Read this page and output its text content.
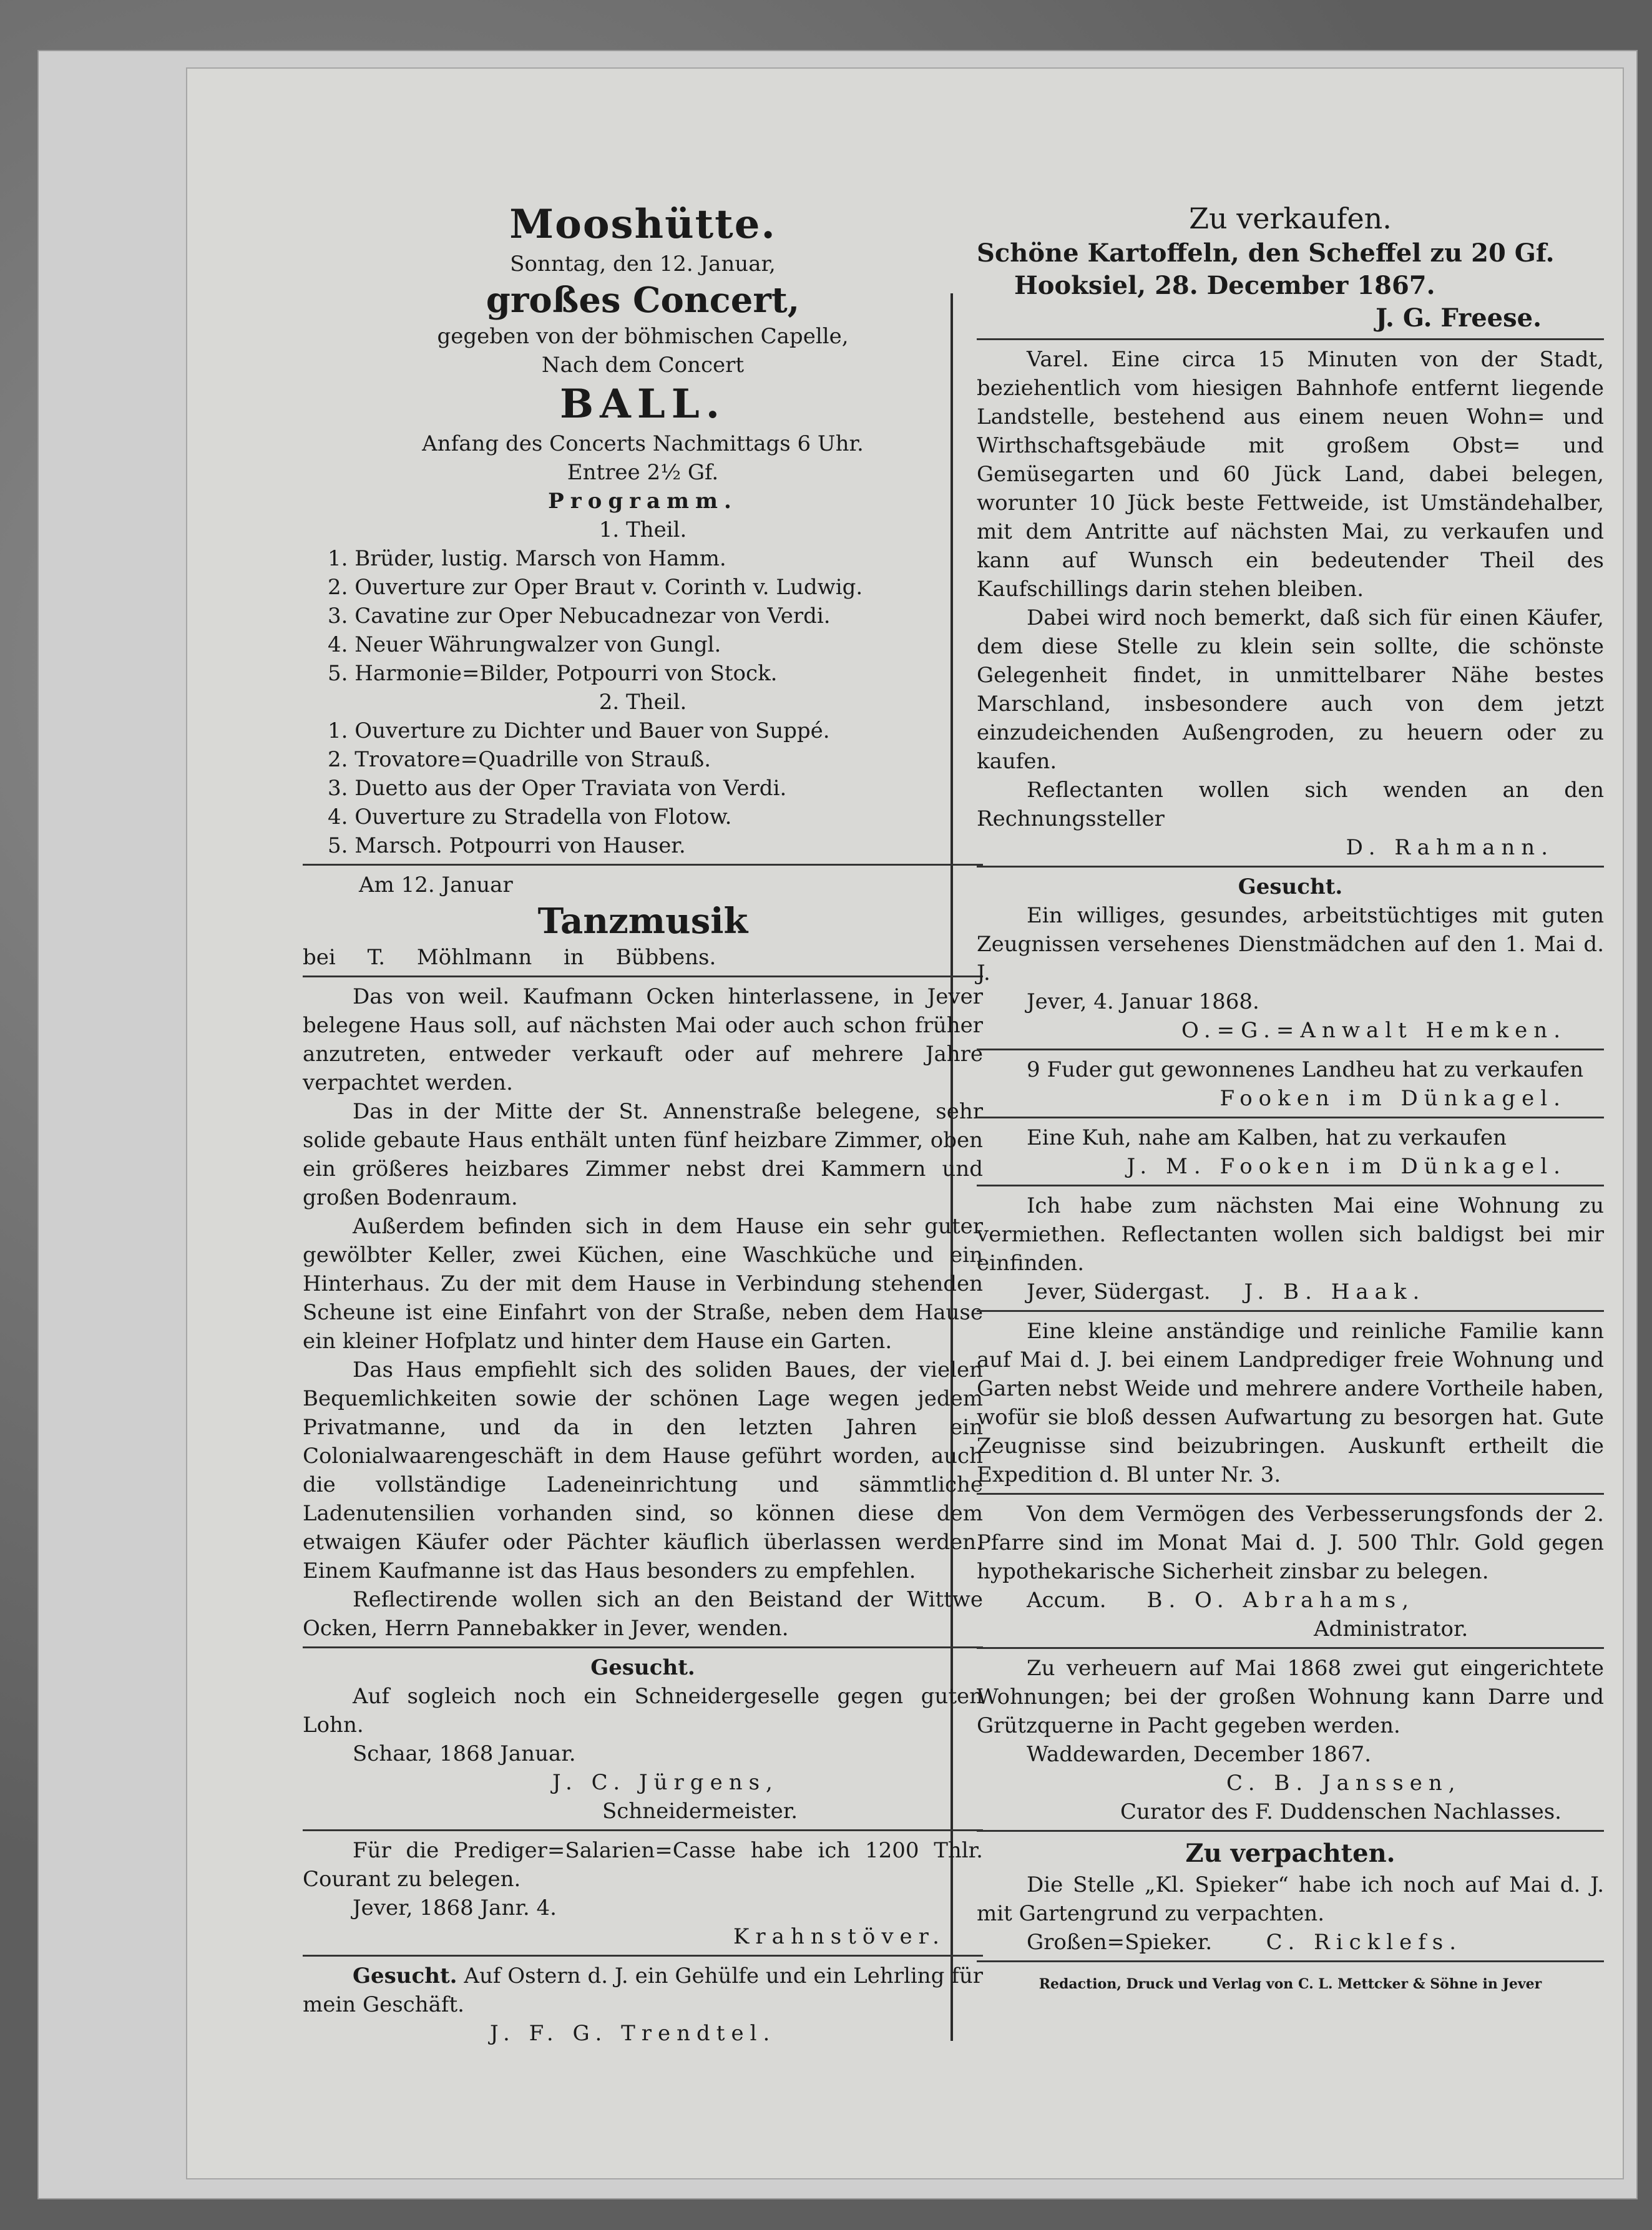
Mooshütte.

Sonntag, den 12. Januar,

großes Concert,

gegeben von der böhmischen Capelle,

Nach dem Concert

BALL.

Anfang des Concerts Nachmittags 6 Uhr.

Entree 2½ Gf.

Programm.

1. Theil.

1. Brüder, lustig. Marsch von Hamm.

2. Ouverture zur Oper Braut v. Corinth v. Ludwig.

3. Cavatine zur Oper Nebucadnezar von Verdi.

4. Neuer Währungwalzer von Gungl.

5. Harmonie=Bilder, Potpourri von Stock.

2. Theil.

1. Ouverture zu Dichter und Bauer von Suppé.

2. Trovatore=Quadrille von Strauß.

3. Duetto aus der Oper Traviata von Verdi.

4. Ouverture zu Stradella von Flotow.

5. Marsch. Potpourri von Hauser.

Am 12. Januar

Tanzmusik

bei T. Möhlmann in Bübbens.

Das von weil. Kaufmann Ocken hinterlassene, in Jever belegene Haus soll, auf nächsten Mai oder auch schon früher anzutreten, entweder verkauft oder auf mehrere Jahre verpachtet werden.

Das in der Mitte der St. Annenstraße belegene, sehr solide gebaute Haus enthält unten fünf heizbare Zimmer, oben ein größeres heizbares Zimmer nebst drei Kammern und großen Bodenraum.

Außerdem befinden sich in dem Hause ein sehr guter gewölbter Keller, zwei Küchen, eine Waschküche und ein Hinterhaus. Zu der mit dem Hause in Verbindung stehenden Scheune ist eine Einfahrt von der Straße, neben dem Hause ein kleiner Hofplatz und hinter dem Hause ein Garten.

Das Haus empfiehlt sich des soliden Baues, der vielen Bequemlichkeiten sowie der schönen Lage wegen jedem Privatmanne, und da in den letzten Jahren ein Colonialwaarengeschäft in dem Hause geführt worden, auch die vollständige Ladeneinrichtung und sämmtliche Ladenutensilien vorhanden sind, so können diese dem etwaigen Käufer oder Pächter käuflich überlassen werden. Einem Kaufmanne ist das Haus besonders zu empfehlen.

Reflectirende wollen sich an den Beistand der Wittwe Ocken, Herrn Pannebakker in Jever, wenden.

Gesucht.

Auf sogleich noch ein Schneidergeselle gegen guten Lohn.

Schaar, 1868 Januar.

J. C. Jürgens,

Schneidermeister.

Für die Prediger=Salarien=Casse habe ich 1200 Thlr. Courant zu belegen.

Jever, 1868 Janr. 4.

Krahnstöver.

Gesucht. Auf Ostern d. J. ein Gehülfe und ein Lehrling für mein Geschäft.

J. F. G. Trendtel.

Zu verkaufen.

Schöne Kartoffeln, den Scheffel zu 20 Gf.

Hooksiel, 28. December 1867.

J. G. Freese.

Varel. Eine circa 15 Minuten von der Stadt, beziehentlich vom hiesigen Bahnhofe entfernt liegende Landstelle, bestehend aus einem neuen Wohn= und Wirthschaftsgebäude mit großem Obst= und Gemüsegarten und 60 Jück Land, dabei belegen, worunter 10 Jück beste Fettweide, ist Umständehalber, mit dem Antritte auf nächsten Mai, zu verkaufen und kann auf Wunsch ein bedeutender Theil des Kaufschillings darin stehen bleiben.

Dabei wird noch bemerkt, daß sich für einen Käufer, dem diese Stelle zu klein sein sollte, die schönste Gelegenheit findet, in unmittelbarer Nähe bestes Marschland, insbesondere auch von dem jetzt einzudeichenden Außengroden, zu heuern oder zu kaufen.

Reflectanten wollen sich wenden an den Rechnungssteller

D. Rahmann.

Gesucht.

Ein williges, gesundes, arbeitstüchtiges mit guten Zeugnissen versehenes Dienstmädchen auf den 1. Mai d. J.

Jever, 4. Januar 1868.

O.=G.=Anwalt Hemken.

9 Fuder gut gewonnenes Landheu hat zu verkaufen

Fooken im Dünkagel.

Eine Kuh, nahe am Kalben, hat zu verkaufen

J. M. Fooken im Dünkagel.

Ich habe zum nächsten Mai eine Wohnung zu vermiethen. Reflectanten wollen sich baldigst bei mir einfinden.

Jever, Südergast. J. B. Haak.

Eine kleine anständige und reinliche Familie kann auf Mai d. J. bei einem Landprediger freie Wohnung und Garten nebst Weide und mehrere andere Vortheile haben, wofür sie bloß dessen Aufwartung zu besorgen hat. Gute Zeugnisse sind beizubringen. Auskunft ertheilt die Expedition d. Bl unter Nr. 3.

Von dem Vermögen des Verbesserungsfonds der 2. Pfarre sind im Monat Mai d. J. 500 Thlr. Gold gegen hypothekarische Sicherheit zinsbar zu belegen.

Accum. B. O. Abrahams,

Administrator.

Zu verheuern auf Mai 1868 zwei gut eingerichtete Wohnungen; bei der großen Wohnung kann Darre und Grützquerne in Pacht gegeben werden.

Waddewarden, December 1867.

C. B. Janssen,

Curator des F. Duddenschen Nachlasses.

Zu verpachten.

Die Stelle „Kl. Spieker“ habe ich noch auf Mai d. J. mit Gartengrund zu verpachten.

Großen=Spieker.	C. Ricklefs.

Redaction, Druck und Verlag von C. L. Mettcker & Söhne in Jever
